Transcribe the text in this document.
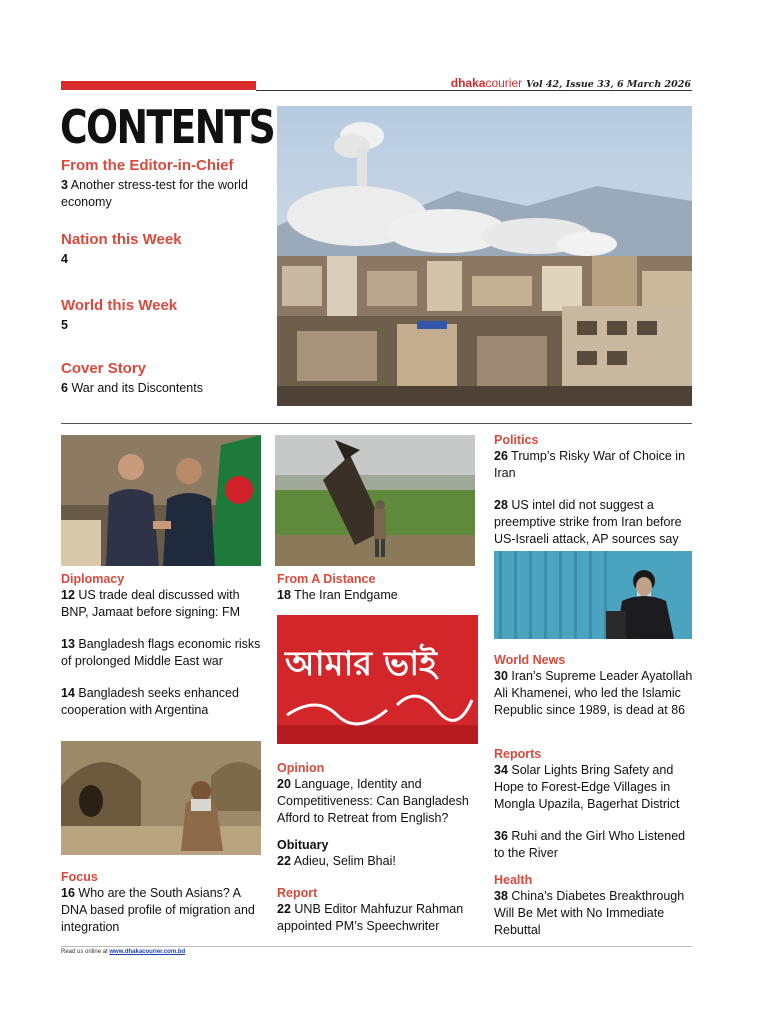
dhakacourier Vol 42, Issue 33, 6 March 2026
CONTENTS
From the Editor-in-Chief
3 Another stress-test for the world economy
Nation this Week
4
World this Week
5
Cover Story
6 War and its Discontents
আমার ভাই
Diplomacy
12 US trade deal discussed with BNP, Jamaat before signing: FM
13 Bangladesh flags economic risks of prolonged Middle East war
14 Bangladesh seeks enhanced cooperation with Argentina
Focus
16 Who are the South Asians? A DNA based profile of migration and integration
From A Distance
18 The Iran Endgame
Opinion
20 Language, Identity and Competitiveness: Can Bangladesh Afford to Retreat from English?
Obituary
22 Adieu, Selim Bhai!
Report
22 UNB Editor Mahfuzur Rahman appointed PM’s Speechwriter
Politics
26 Trump’s Risky War of Choice in Iran
28 US intel did not suggest a preemptive strike from Iran before US-Israeli attack, AP sources say
World News
30 Iran’s Supreme Leader Ayatollah Ali Khamenei, who led the Islamic Republic since 1989, is dead at 86
Reports
34 Solar Lights Bring Safety and Hope to Forest-Edge Villages in Mongla Upazila, Bagerhat District
36 Ruhi and the Girl Who Listened to the River
Health
38 China’s Diabetes Breakthrough Will Be Met with No Immediate Rebuttal
Read us online at www.dhakacourier.com.bd
